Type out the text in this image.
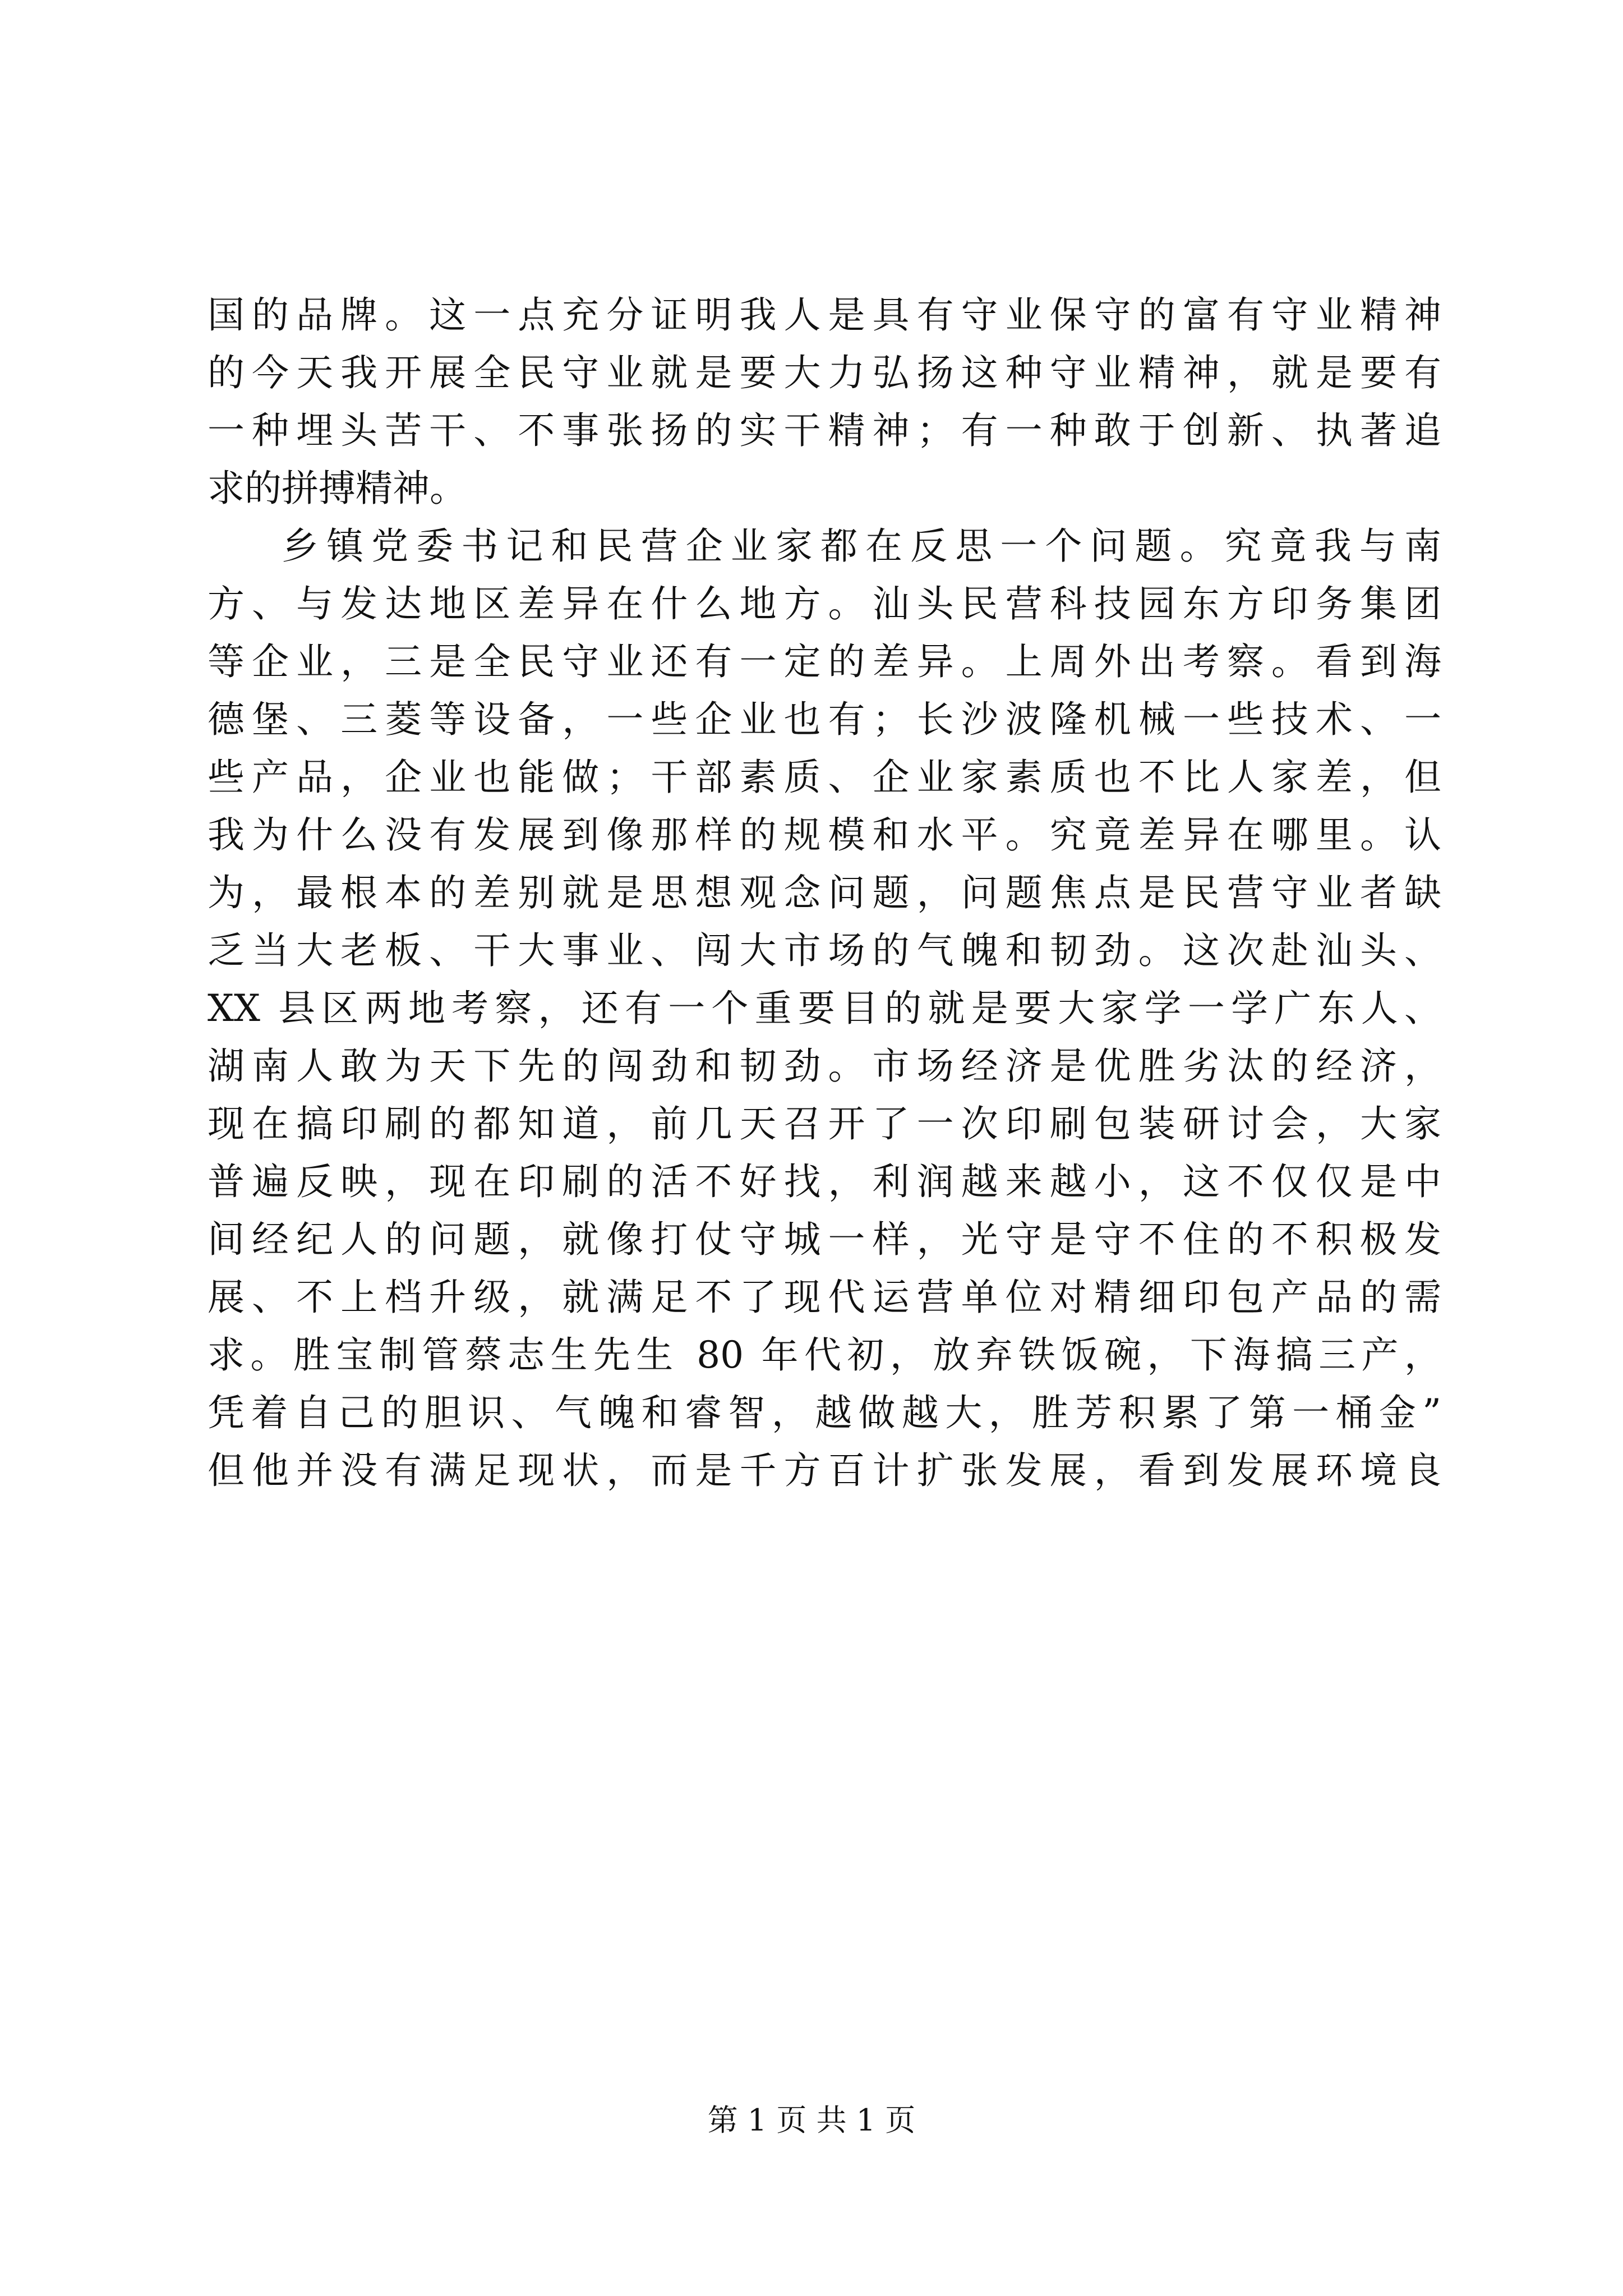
国的品牌。这一点充分证明我人是具有守业保守的富有守业精神
的今天我开展全民守业就是要大力弘扬这种守业精神，就是要有
一种埋头苦干、不事张扬的实干精神；有一种敢于创新、执著追
求的拼搏精神。
乡镇党委书记和民营企业家都在反思一个问题。究竟我与南
方、与发达地区差异在什么地方。汕头民营科技园东方印务集团
等企业，三是全民守业还有一定的差异。上周外出考察。看到海
德堡、三菱等设备，一些企业也有；长沙波隆机械一些技术、一
些产品，企业也能做；干部素质、企业家素质也不比人家差，但
我为什么没有发展到像那样的规模和水平。究竟差异在哪里。认
为，最根本的差别就是思想观念问题，问题焦点是民营守业者缺
乏当大老板、干大事业、闯大市场的气魄和韧劲。这次赴汕头、
XX 县区两地考察，还有一个重要目的就是要大家学一学广东人、
湖南人敢为天下先的闯劲和韧劲。市场经济是优胜劣汰的经济，
现在搞印刷的都知道，前几天召开了一次印刷包装研讨会，大家
普遍反映，现在印刷的活不好找，利润越来越小，这不仅仅是中
间经纪人的问题，就像打仗守城一样，光守是守不住的不积极发
展、不上档升级，就满足不了现代运营单位对精细印包产品的需
求。胜宝制管蔡志生先生 80 年代初，放弃铁饭碗，下海搞三产，
凭着自己的胆识、气魄和睿智，越做越大，胜芳积累了第一桶金”
但他并没有满足现状，而是千方百计扩张发展，看到发展环境良
第 1 页 共 1 页
